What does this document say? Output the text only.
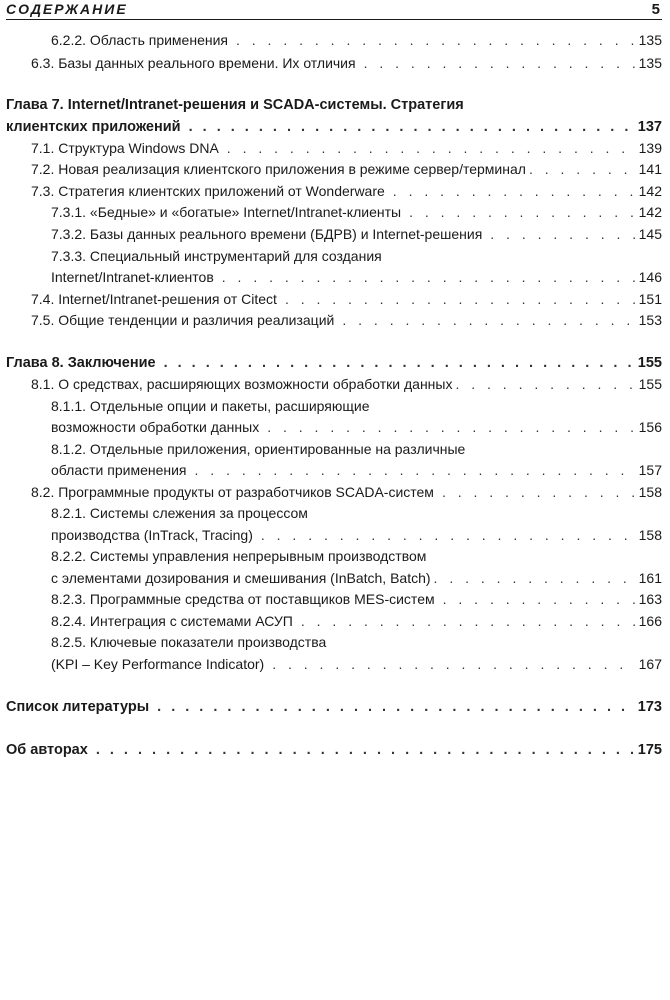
СОДЕРЖАНИЕ	5
6.2.2. Область применения . . .	135
6.3. Базы данных реального времени. Их отличия . . .	135
Глава 7. Internet/Intranet-решения и SCADA-системы. Стратегия
клиентских приложений . . .	137
7.1. Структура Windows DNA . . .	139
7.2. Новая реализация клиентского приложения в режиме сервер/терминал . . .	141
7.3. Стратегия клиентских приложений от Wonderware . . .	142
7.3.1. «Бедные» и «богатые» Internet/Intranet-клиенты . . .	142
7.3.2. Базы данных реального времени (БДРВ) и Internet-решения . . .	145
7.3.3. Специальный инструментарий для создания
Internet/Intranet-клиентов . . .	146
7.4. Internet/Intranet-решения от Citect . . .	151
7.5. Общие тенденции и различия реализаций . . .	153
Глава 8. Заключение . . .	155
8.1. О средствах, расширяющих возможности обработки данных . . .	155
8.1.1. Отдельные опции и пакеты, расширяющие
возможности обработки данных . . .	156
8.1.2. Отдельные приложения, ориентированные на различные
области применения . . .	157
8.2. Программные продукты от разработчиков SCADA-систем . . .	158
8.2.1. Системы слежения за процессом
производства (InTrack, Tracing) . . .	158
8.2.2. Системы управления непрерывным производством
с элементами дозирования и смешивания (InBatch, Batch) . . .	161
8.2.3. Программные средства от поставщиков MES-систем . . .	163
8.2.4. Интеграция с системами АСУП . . .	166
8.2.5. Ключевые показатели производства
(KPI – Key Performance Indicator) . . .	167
Список литературы . . .	173
Об авторах . . .	175
